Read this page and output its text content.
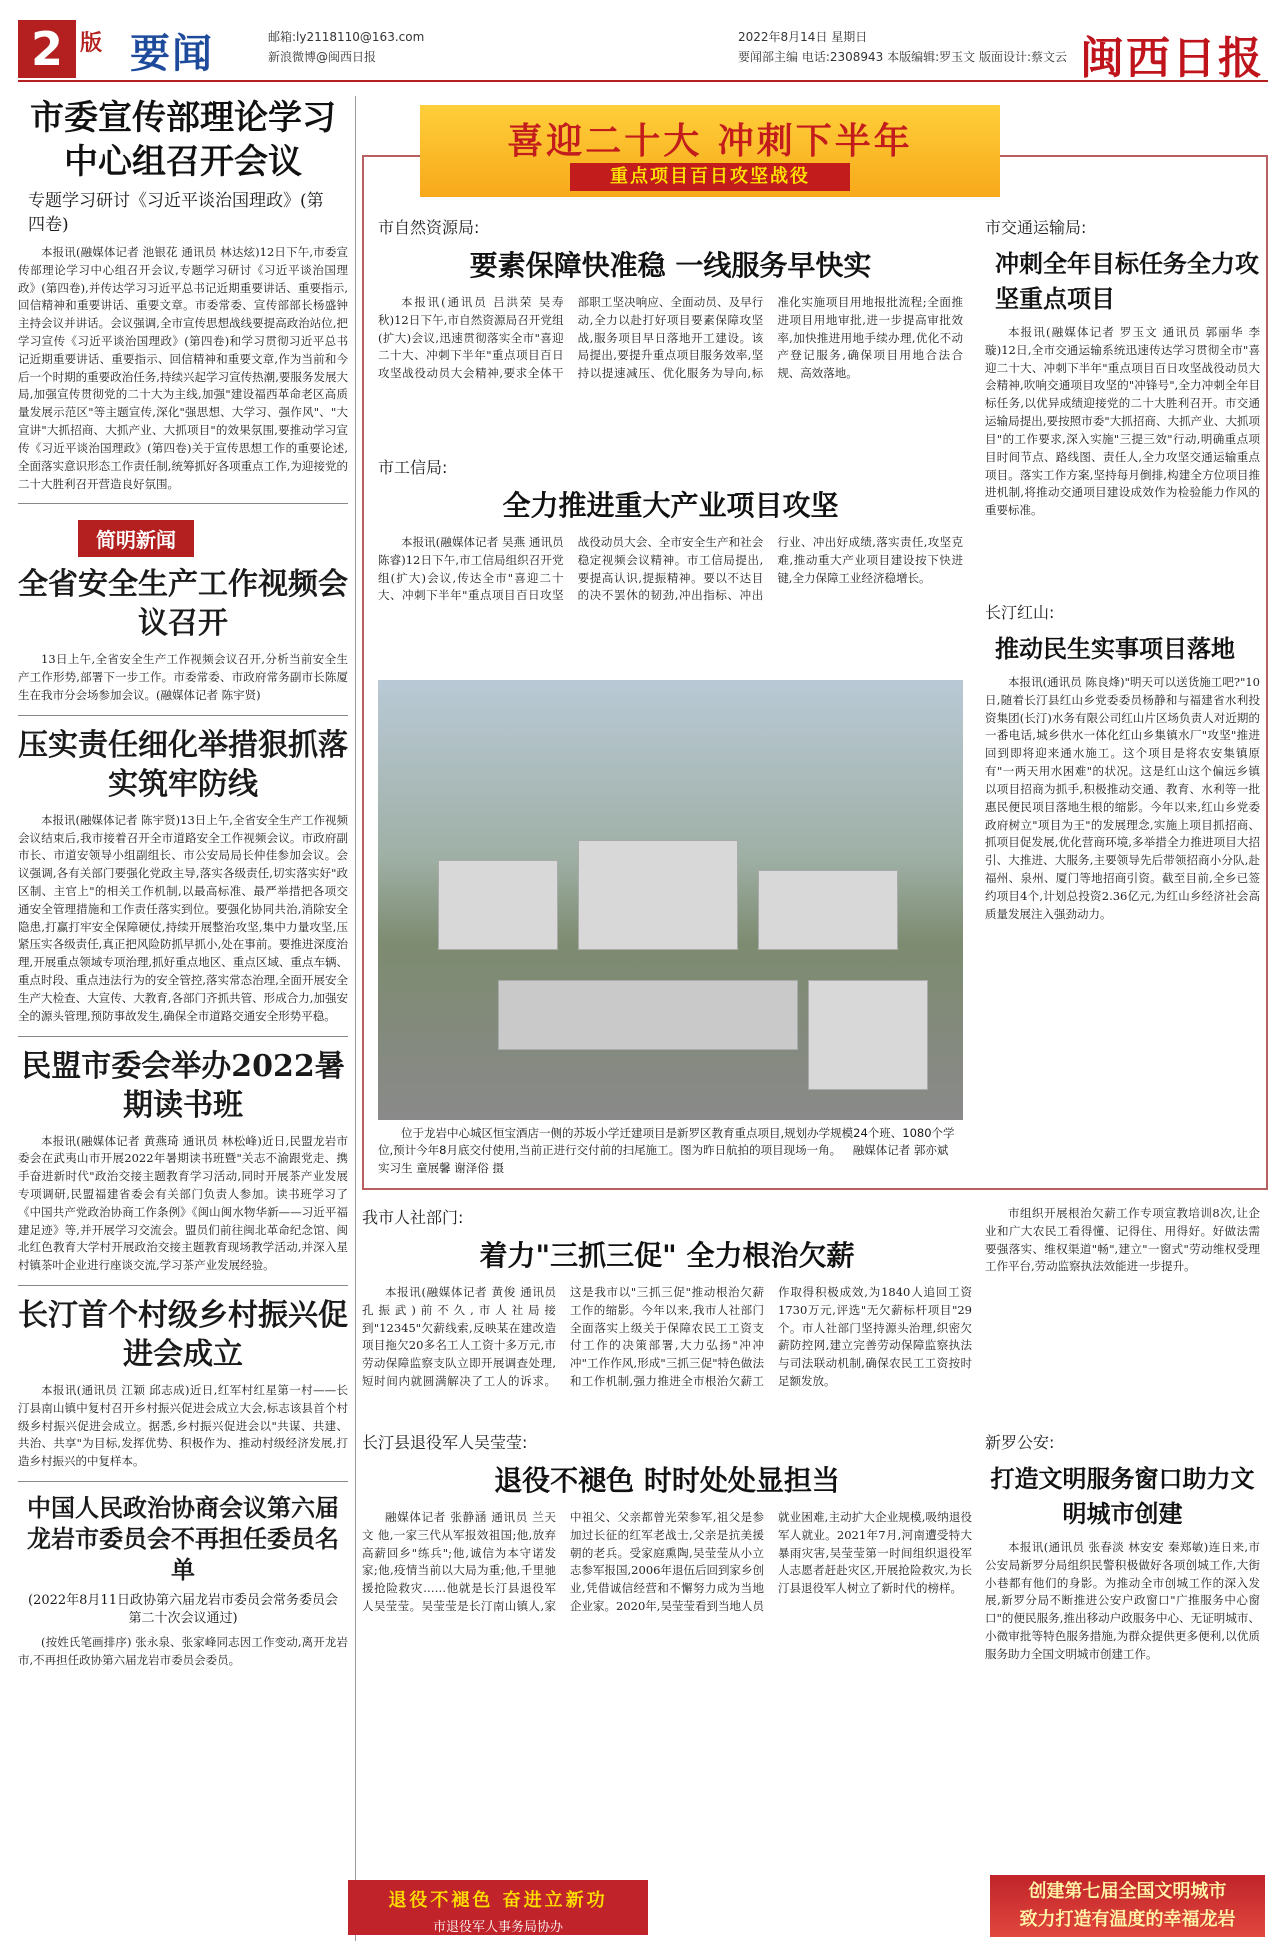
2 版 要闻	邮箱:ly2118110@163.com
新浪微博@闽西日报
2022年8月14日 星期日
要闻部主编 电话:2308943 本版编辑:罗玉文 版面设计:蔡文云 闽西日报
市委宣传部理论学习中心组召开会议
专题学习研讨《习近平谈治国理政》(第四卷)
本报讯(融媒体记者 池银花 通讯员 林达炫)12日下午,市委宣传部理论学习中心组召开会议,专题学习研讨《习近平谈治国理政》(第四卷),并传达学习习近平总书记近期重要讲话、重要指示,回信精神和重要讲话、重要文章。市委常委、宣传部部长杨盛钟主持会议并讲话。会议强调,全市宣传思想战线要提高政治站位,把学习宣传《习近平谈治国理政》(第四卷)和学习贯彻习近平总书记近期重要讲话、重要指示、回信精神和重要文章,作为当前和今后一个时期的重要政治任务,持续兴起学习宣传热潮,要服务发展大局,加强宣传贯彻党的二十大为主线,加强"建设福西革命老区高质量发展示范区"等主题宣传,深化"强思想、大学习、强作风"、"大宣讲"大抓招商、大抓产业、大抓项目"的效果氛围,要推动学习宣传《习近平谈治国理政》(第四卷)关于宣传思想工作的重要论述,全面落实意识形态工作责任制,统筹抓好各项重点工作,为迎接党的二十大胜利召开营造良好氛围。
简明新闻
全省安全生产工作视频会议召开
13日上午,全省安全生产工作视频会议召开,分析当前安全生产工作形势,部署下一步工作。市委常委、市政府常务副市长陈厦生在我市分会场参加会议。(融媒体记者 陈宇贤)
压实责任细化举措狠抓落实筑牢防线
本报讯(融媒体记者 陈宇贤)13日上午,全省安全生产工作视频会议结束后,我市接着召开全市道路安全工作视频会议。市政府副市长、市道安领导小组副组长、市公安局局长仲佳参加会议。会议强调,各有关部门要强化党政主导,落实各级责任,切实落实好"政区制、主官上"的相关工作机制,以最高标准、最严举措把各项交通安全管理措施和工作责任落实到位。要强化协同共治,消除安全隐患,打赢打牢安全保障硬仗,持续开展整治攻坚,集中力量攻坚,压紧压实各级责任,真正把风险防抓早抓小,处在事前。要推进深度治理,开展重点领域专项治理,抓好重点地区、重点区域、重点车辆、重点时段、重点违法行为的安全管控,落实常态治理,全面开展安全生产大检查、大宣传、大教育,各部门齐抓共管、形成合力,加强安全的源头管理,预防事故发生,确保全市道路交通安全形势平稳。
民盟市委会举办2022暑期读书班
本报讯(融媒体记者 黄燕琦 通讯员 林松峰)近日,民盟龙岩市委会在武夷山市开展2022年暑期读书班暨"关志不渝跟党走、携手奋进新时代"政治交接主题教育学习活动,同时开展茶产业发展专项调研,民盟福建省委会有关部门负责人参加。读书班学习了《中国共产党政治协商工作条例》《闽山闽水物华新——习近平福建足迹》等,并开展学习交流会。盟员们前往闽北革命纪念馆、闽北红色教育大学村开展政治交接主题教育现场教学活动,并深入星村镇茶叶企业进行座谈交流,学习茶产业发展经验。
长汀首个村级乡村振兴促进会成立
本报讯(通讯员 江颖 邱志成)近日,红军村红星第一村——长汀县南山镇中复村召开乡村振兴促进会成立大会,标志该县首个村级乡村振兴促进会成立。据悉,乡村振兴促进会以"共谋、共建、共治、共享"为目标,发挥优势、积极作为、推动村级经济发展,打造乡村振兴的中复样本。
中国人民政治协商会议第六届龙岩市委员会不再担任委员名单
(2022年8月11日政协第六届龙岩市委员会常务委员会第二十次会议通过)
(按姓氏笔画排序) 张永泉、张家峰同志因工作变动,离开龙岩市,不再担任政协第六届龙岩市委员会委员。
喜迎二十大 冲刺下半年
重点项目百日攻坚战役
市自然资源局:
要素保障快准稳 一线服务早快实
本报讯(通讯员 吕洪荣 吴寿秋)12日下午,市自然资源局召开党组(扩大)会议,迅速贯彻落实全市"喜迎二十大、冲刺下半年"重点项目百日攻坚战役动员大会精神,要求全体干部职工坚决响应、全面动员、及早行动,全力以赴打好项目要素保障攻坚战,服务项目早日落地开工建设。该局提出,要提升重点项目服务效率,坚持以提速减压、优化服务为导向,标准化实施项目用地报批流程;全面推进项目用地审批,进一步提高审批效率,加快推进用地手续办理,优化不动产登记服务,确保项目用地合法合规、高效落地。
市工信局:
全力推进重大产业项目攻坚
本报讯(融媒体记者 吴燕 通讯员 陈睿)12日下午,市工信局组织召开党组(扩大)会议,传达全市"喜迎二十大、冲刺下半年"重点项目百日攻坚战役动员大会、全市安全生产和社会稳定视频会议精神。市工信局提出,要提高认识,提振精神。要以不达目的决不罢休的韧劲,冲出指标、冲出行业、冲出好成绩,落实责任,攻坚克难,推动重大产业项目建设按下快进键,全力保障工业经济稳增长。
位于龙岩中心城区恒宝酒店一侧的苏坂小学迁建项目是新罗区教育重点项目,规划办学规模24个班、1080个学位,预计今年8月底交付使用,当前正进行交付前的扫尾施工。图为昨日航拍的项目现场一角。 融媒体记者 郭亦斌 实习生 童展馨 谢泽俗 摄
我市人社部门:
着力"三抓三促" 全力根治欠薪
本报讯(融媒体记者 黄俊 通讯员 孔振武)前不久,市人社局接到"12345"欠薪线索,反映某在建改造项目拖欠20多名工人工资十多万元,市劳动保障监察支队立即开展调查处理,短时间内就圆满解决了工人的诉求。这是我市以"三抓三促"推动根治欠薪工作的缩影。今年以来,我市人社部门全面落实上级关于保障农民工工资支付工作的决策部署,大力弘扬"冲冲冲"工作作风,形成"三抓三促"特色做法和工作机制,强力推进全市根治欠薪工作取得积极成效,为1840人追回工资1730万元,评选"无欠薪标杆项目"29个。市人社部门坚持源头治理,织密欠薪防控网,建立完善劳动保障监察执法与司法联动机制,确保农民工工资按时足额发放。
长汀县退役军人吴莹莹:
退役不褪色 时时处处显担当
融媒体记者 张静涵 通讯员 兰天 文 他,一家三代从军报效祖国;他,放弃高薪回乡"练兵";他,诚信为本守诺发家;他,疫情当前以大局为重;他,千里驰援抢险救灾……他就是长汀县退役军人吴莹莹。吴莹莹是长汀南山镇人,家中祖父、父亲都曾光荣参军,祖父是参加过长征的红军老战士,父亲是抗美援朝的老兵。受家庭熏陶,吴莹莹从小立志参军报国,2006年退伍后回到家乡创业,凭借诚信经营和不懈努力成为当地企业家。2020年,吴莹莹看到当地人员就业困难,主动扩大企业规模,吸纳退役军人就业。2021年7月,河南遭受特大暴雨灾害,吴莹莹第一时间组织退役军人志愿者赶赴灾区,开展抢险救灾,为长汀县退役军人树立了新时代的榜样。
退役不褪色 奋进立新功
市退役军人事务局协办
市交通运输局:
冲刺全年目标任务全力攻坚重点项目
本报讯(融媒体记者 罗玉文 通讯员 郭丽华 李璇)12日,全市交通运输系统迅速传达学习贯彻全市"喜迎二十大、冲刺下半年"重点项目百日攻坚战役动员大会精神,吹响交通项目攻坚的"冲锋号",全力冲刺全年目标任务,以优异成绩迎接党的二十大胜利召开。市交通运输局提出,要按照市委"大抓招商、大抓产业、大抓项目"的工作要求,深入实施"三提三效"行动,明确重点项目时间节点、路线图、责任人,全力攻坚交通运输重点项目。落实工作方案,坚持每月倒排,构建全方位项目推进机制,将推动交通项目建设成效作为检验能力作风的重要标准。
长汀红山:
推动民生实事项目落地
本报讯(通讯员 陈良烽)"明天可以送货施工吧?"10日,随着长汀县红山乡党委委员杨静和与福建省水利投资集团(长汀)水务有限公司红山片区场负责人对近期的一番电话,城乡供水一体化红山乡集镇水厂"攻坚"推进回到即将迎来通水施工。这个项目是将农安集镇原有"一两天用水困难"的状况。这是红山这个偏远乡镇以项目招商为抓手,积极推动交通、教育、水利等一批惠民便民项目落地生根的缩影。今年以来,红山乡党委政府树立"项目为王"的发展理念,实施上项目抓招商、抓项目促发展,优化营商环境,多举措全力推进项目大招引、大推进、大服务,主要领导先后带领招商小分队,赴福州、泉州、厦门等地招商引资。截至目前,全乡已签约项目4个,计划总投资2.36亿元,为红山乡经济社会高质量发展注入强劲动力。
市组织开展根治欠薪工作专项宣教培训8次,让企业和广大农民工看得懂、记得住、用得好。好做法需要强落实、维权渠道"畅",建立"一窗式"劳动维权受理工作平台,劳动监察执法效能进一步提升。
新罗公安:
打造文明服务窗口助力文明城市创建
本报讯(通讯员 张春淡 林安安 秦郑敏)连日来,市公安局新罗分局组织民警积极做好各项创城工作,大街小巷都有他们的身影。为推动全市创城工作的深入发展,新罗分局不断推进公安户政窗口"广推服务中心窗口"的便民服务,推出移动户政服务中心、无证明城市、小微审批等特色服务措施,为群众提供更多便利,以优质服务助力全国文明城市创建工作。
创建第七届全国文明城市
致力打造有温度的幸福龙岩
